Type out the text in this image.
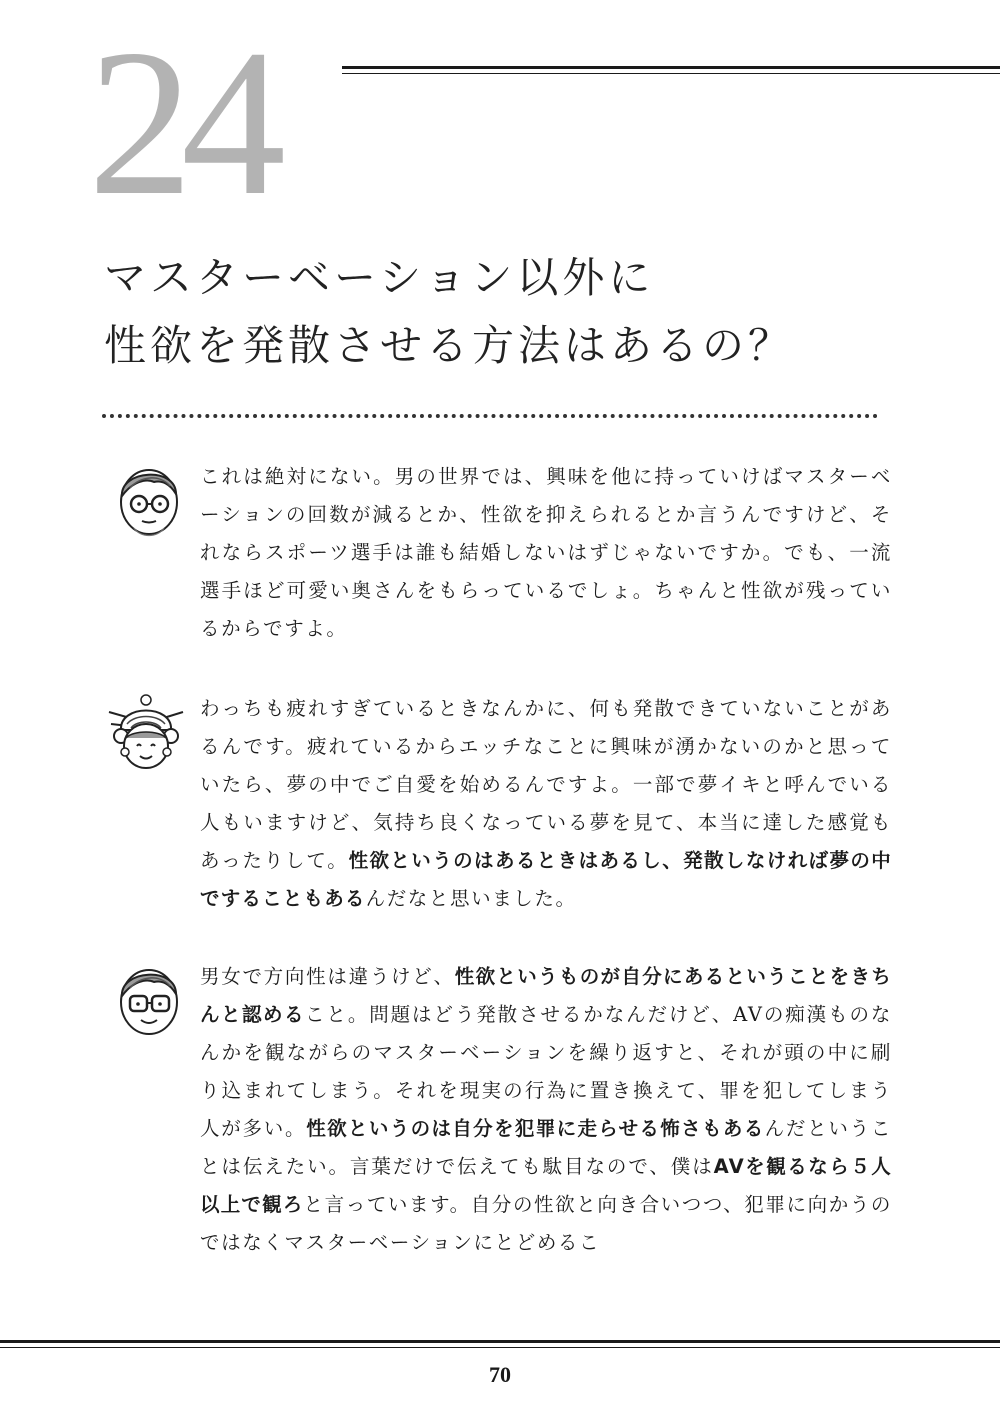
24
マスターベーション以外に
性欲を発散させる方法はあるの？
これは絶対にない。男の世界では、興味を他に持っていけばマスターベーションの回数が減るとか、性欲を抑えられるとか言うんですけど、それならスポーツ選手は誰も結婚しないはずじゃないですか。でも、一流選手ほど可愛い奥さんをもらっているでしょ。ちゃんと性欲が残っているからですよ。
わっちも疲れすぎているときなんかに、何も発散できていないことがあるんです。疲れているからエッチなことに興味が湧かないのかと思っていたら、夢の中でご自愛を始めるんですよ。一部で夢イキと呼んでいる人もいますけど、気持ち良くなっている夢を見て、本当に達した感覚もあったりして。性欲というのはあるときはあるし、発散しなければ夢の中ですることもあるんだなと思いました。
男女で方向性は違うけど、性欲というものが自分にあるということをきちんと認めること。問題はどう発散させるかなんだけど、AVの痴漢ものなんかを観ながらのマスターベーションを繰り返すと、それが頭の中に刷り込まれてしまう。それを現実の行為に置き換えて、罪を犯してしまう人が多い。性欲というのは自分を犯罪に走らせる怖さもあるんだということは伝えたい。言葉だけで伝えても駄目なので、僕はAVを観るなら５人以上で観ろと言っています。自分の性欲と向き合いつつ、犯罪に向かうのではなくマスターベーションにとどめるこ
70
